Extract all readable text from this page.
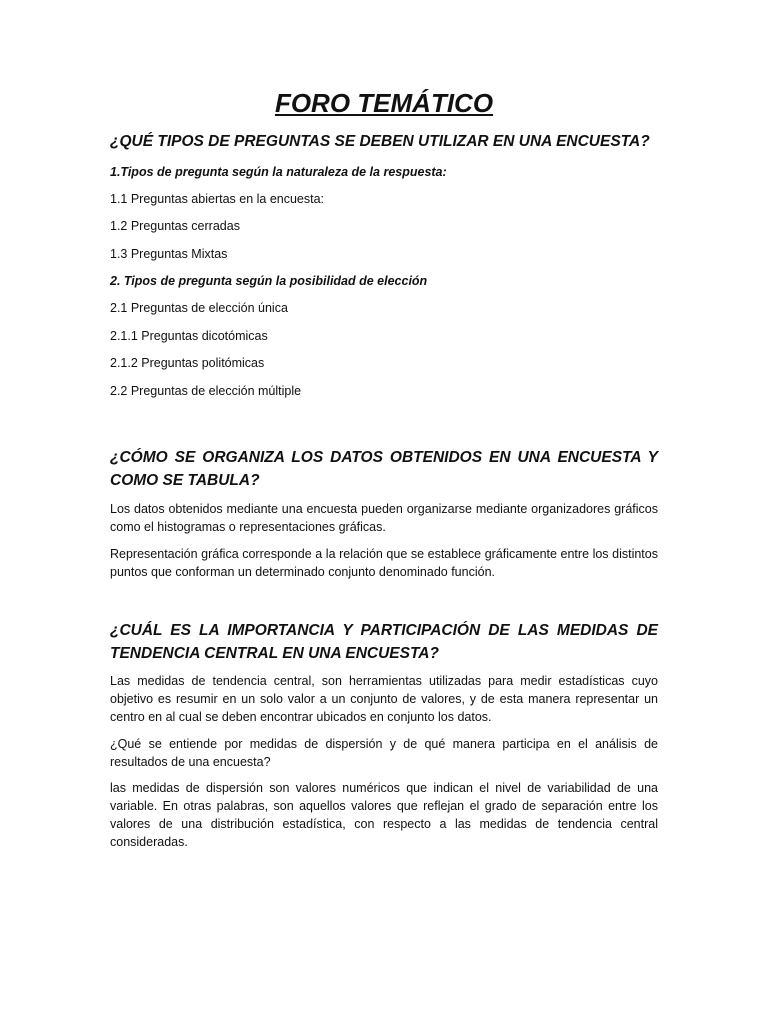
FORO TEMÁTICO
¿QUÉ TIPOS DE PREGUNTAS SE DEBEN UTILIZAR EN UNA ENCUESTA?

1.Tipos de pregunta según la naturaleza de la respuesta:

1.1 Preguntas abiertas en la encuesta:

1.2 Preguntas cerradas

1.3 Preguntas Mixtas

2. Tipos de pregunta según la posibilidad de elección

2.1 Preguntas de elección única

2.1.1 Preguntas dicotómicas

2.1.2 Preguntas politómicas

2.2 Preguntas de elección múltiple

¿CÓMO SE ORGANIZA LOS DATOS OBTENIDOS EN UNA ENCUESTA Y COMO SE TABULA?

Los datos obtenidos mediante una encuesta pueden organizarse mediante organizadores gráficos como el histogramas o representaciones gráficas.

Representación gráfica corresponde a la relación que se establece gráficamente entre los distintos puntos que conforman un determinado conjunto denominado función.

¿CUÁL ES LA IMPORTANCIA Y PARTICIPACIÓN DE LAS MEDIDAS DE TENDENCIA CENTRAL EN UNA ENCUESTA?

Las medidas de tendencia central, son herramientas utilizadas para medir estadísticas cuyo objetivo es resumir en un solo valor a un conjunto de valores, y de esta manera representar un centro en al cual se deben encontrar ubicados en conjunto los datos.

¿Qué se entiende por medidas de dispersión y de qué manera participa en el análisis de resultados de una encuesta?

las medidas de dispersión son valores numéricos que indican el nivel de variabilidad de una variable. En otras palabras, son aquellos valores que reflejan el grado de separación entre los valores de una distribución estadística, con respecto a las medidas de tendencia central consideradas.
